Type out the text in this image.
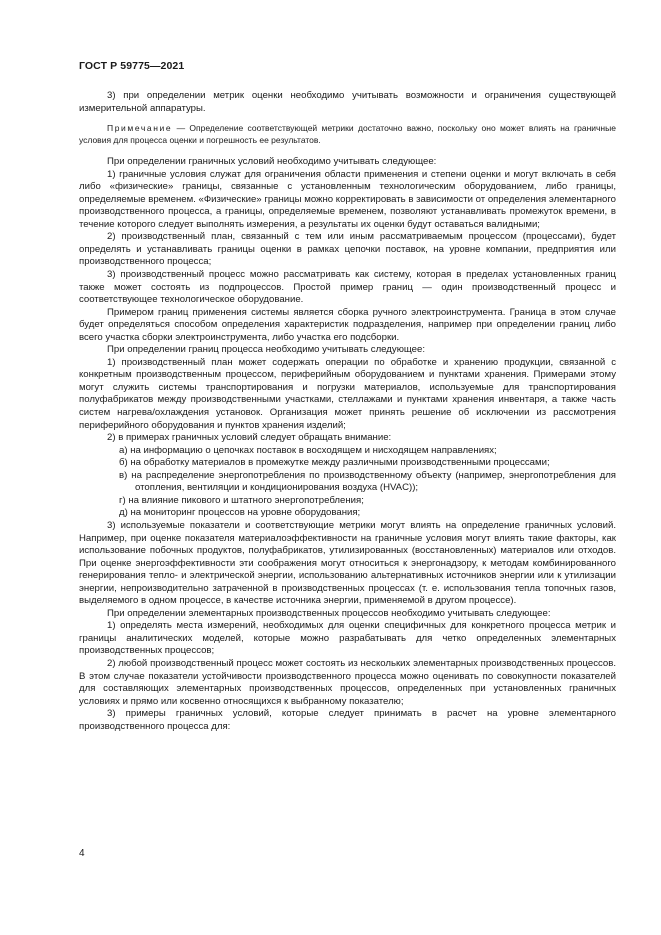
ГОСТ Р 59775—2021

3) при определении метрик оценки необходимо учитывать возможности и ограничения существующей измерительной аппаратуры.

Примечание — Определение соответствующей метрики достаточно важно, поскольку оно может влиять на граничные условия для процесса оценки и погрешность ее результатов.

При определении граничных условий необходимо учитывать следующее:

1) граничные условия служат для ограничения области применения и степени оценки и могут включать в себя либо «физические» границы, связанные с установленным технологическим оборудованием, либо границы, определяемые временем. «Физические» границы можно корректировать в зависимости от определения элементарного производственного процесса, а границы, определяемые временем, позволяют устанавливать промежуток времени, в течение которого следует выполнять измерения, а результаты их оценки будут оставаться валидными;

2) производственный план, связанный с тем или иным рассматриваемым процессом (процессами), будет определять и устанавливать границы оценки в рамках цепочки поставок, на уровне компании, предприятия или производственного процесса;

3) производственный процесс можно рассматривать как систему, которая в пределах установленных границ также может состоять из подпроцессов. Простой пример границ — один производственный процесс и соответствующее технологическое оборудование.

Примером границ применения системы является сборка ручного электроинструмента. Граница в этом случае будет определяться способом определения характеристик подразделения, например при определении границ либо всего участка сборки электроинструмента, либо участка его подсборки.

При определении границ процесса необходимо учитывать следующее:

1) производственный план может содержать операции по обработке и хранению продукции, связанной с конкретным производственным процессом, периферийным оборудованием и пунктами хранения. Примерами этому могут служить системы транспортирования и погрузки материалов, используемые для транспортирования полуфабрикатов между производственными участками, стеллажами и пунктами хранения инвентаря, а также часть систем нагрева/охлаждения установок. Организация может принять решение об исключении из рассмотрения периферийного оборудования и пунктов хранения изделий;

2) в примерах граничных условий следует обращать внимание:

а) на информацию о цепочках поставок в восходящем и нисходящем направлениях;

б) на обработку материалов в промежутке между различными производственными процессами;

в) на распределение энергопотребления по производственному объекту (например, энергопотребления для отопления, вентиляции и кондиционирования воздуха (HVAC));

г) на влияние пикового и штатного энергопотребления;

д) на мониторинг процессов на уровне оборудования;

3) используемые показатели и соответствующие метрики могут влиять на определение граничных условий. Например, при оценке показателя материалоэффективности на граничные условия могут влиять такие факторы, как использование побочных продуктов, полуфабрикатов, утилизированных (восстановленных) материалов или отходов. При оценке энергоэффективности эти соображения могут относиться к энергонадзору, к методам комбинированного генерирования тепло- и электрической энергии, использованию альтернативных источников энергии или к утилизации энергии, непроизводительно затраченной в производственных процессах (т. е. использования тепла топочных газов, выделяемого в одном процессе, в качестве источника энергии, применяемой в другом процессе).

При определении элементарных производственных процессов необходимо учитывать следующее:

1) определять места измерений, необходимых для оценки специфичных для конкретного процесса метрик и границы аналитических моделей, которые можно разрабатывать для четко определенных элементарных производственных процессов;

2) любой производственный процесс может состоять из нескольких элементарных производственных процессов. В этом случае показатели устойчивости производственного процесса можно оценивать по совокупности показателей для составляющих элементарных производственных процессов, определенных при установленных граничных условиях и прямо или косвенно относящихся к выбранному показателю;

3) примеры граничных условий, которые следует принимать в расчет на уровне элементарного производственного процесса для:

4
